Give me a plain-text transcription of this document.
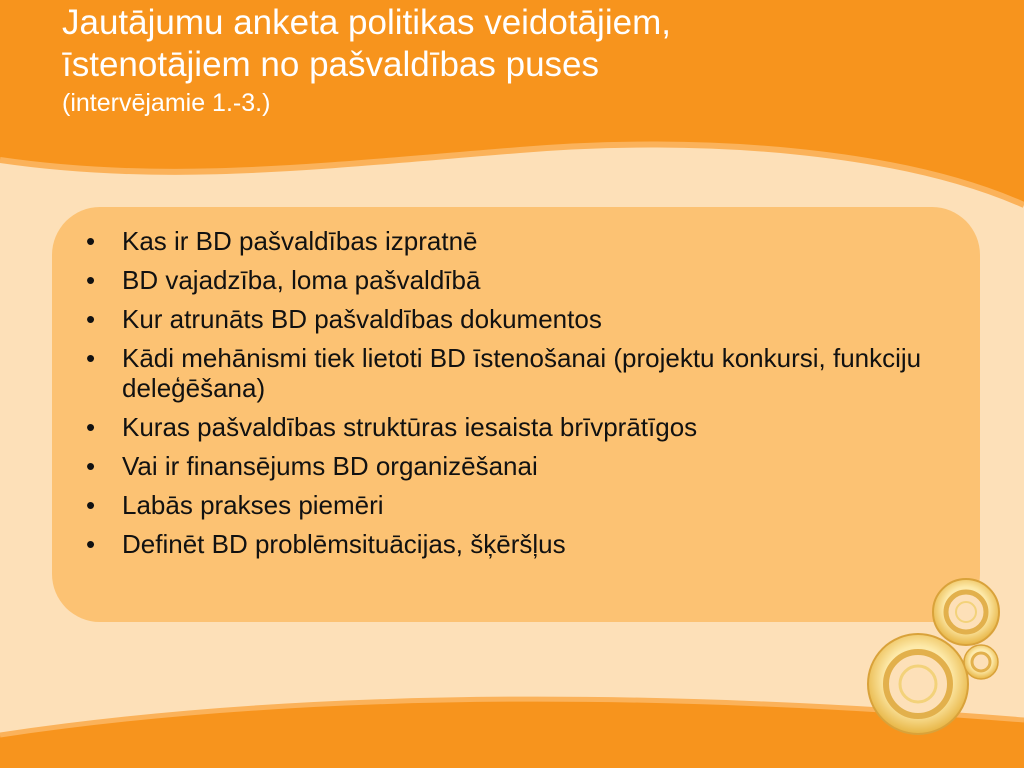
Jautājumu anketa politikas veidotājiem,
īstenotājiem no pašvaldības puses
(intervējamie 1.-3.)
• Kas ir BD pašvaldības izpratnē
• BD vajadzība, loma pašvaldībā
• Kur atrunāts BD pašvaldības dokumentos
• Kādi mehānismi tiek lietoti BD īstenošanai (projektu konkursi, funkciju deleģēšana)
• Kuras pašvaldības struktūras iesaista brīvprātīgos
• Vai ir finansējums BD organizēšanai
• Labās prakses piemēri
• Definēt BD problēmsituācijas, šķēršļus
